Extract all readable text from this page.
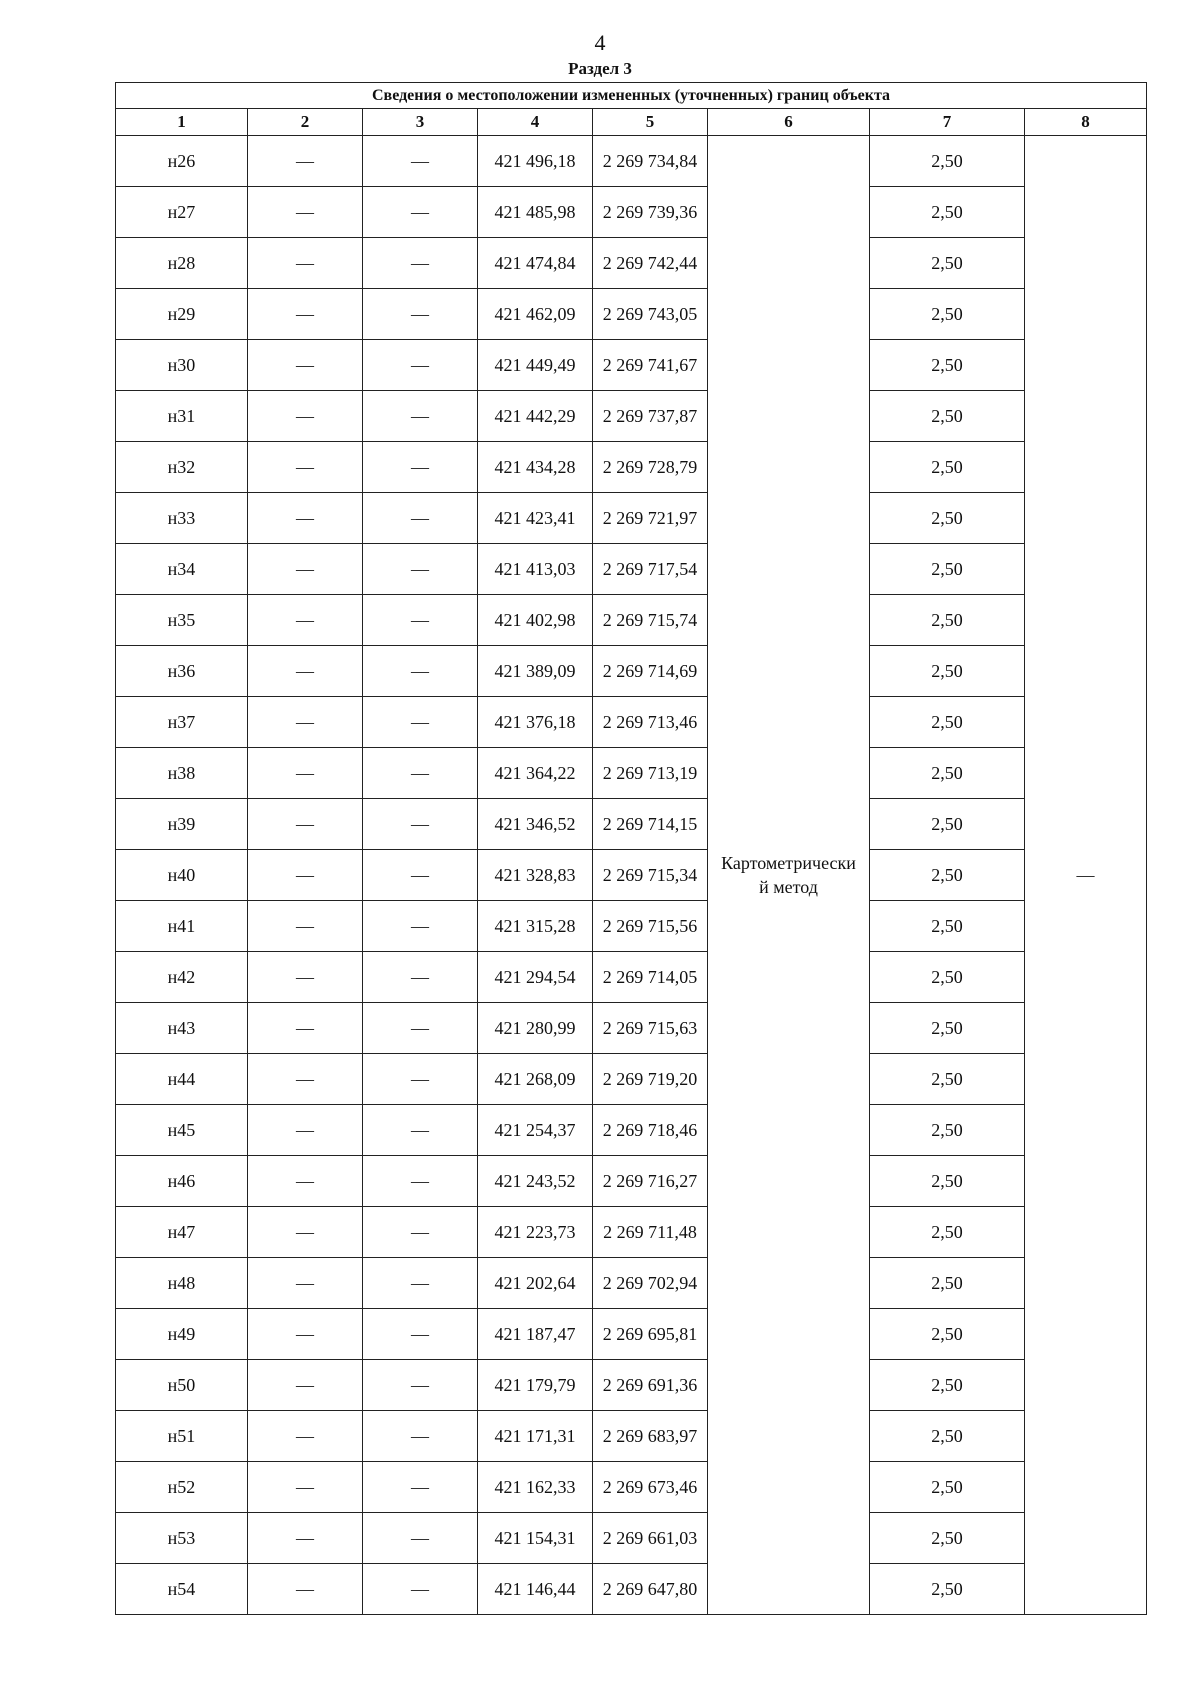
4
Раздел 3
Сведения о местоположении измененных (уточненных) границ объекта							
1	2	3	4	5	6	7	8
н26	—	—	421 496,18	2 269 734,84	Картометрически
й метод	2,50	—
н27	—	—	421 485,98	2 269 739,36		2,50	
н28	—	—	421 474,84	2 269 742,44		2,50	
н29	—	—	421 462,09	2 269 743,05		2,50	
н30	—	—	421 449,49	2 269 741,67		2,50	
н31	—	—	421 442,29	2 269 737,87		2,50	
н32	—	—	421 434,28	2 269 728,79		2,50	
н33	—	—	421 423,41	2 269 721,97		2,50	
н34	—	—	421 413,03	2 269 717,54		2,50	
н35	—	—	421 402,98	2 269 715,74		2,50	
н36	—	—	421 389,09	2 269 714,69		2,50	
н37	—	—	421 376,18	2 269 713,46		2,50	
н38	—	—	421 364,22	2 269 713,19		2,50	
н39	—	—	421 346,52	2 269 714,15		2,50	
н40	—	—	421 328,83	2 269 715,34		2,50	
н41	—	—	421 315,28	2 269 715,56		2,50	
н42	—	—	421 294,54	2 269 714,05		2,50	
н43	—	—	421 280,99	2 269 715,63		2,50	
н44	—	—	421 268,09	2 269 719,20		2,50	
н45	—	—	421 254,37	2 269 718,46		2,50	
н46	—	—	421 243,52	2 269 716,27		2,50	
н47	—	—	421 223,73	2 269 711,48		2,50	
н48	—	—	421 202,64	2 269 702,94		2,50	
н49	—	—	421 187,47	2 269 695,81		2,50	
н50	—	—	421 179,79	2 269 691,36		2,50	
н51	—	—	421 171,31	2 269 683,97		2,50	
н52	—	—	421 162,33	2 269 673,46		2,50	
н53	—	—	421 154,31	2 269 661,03		2,50	
н54	—	—	421 146,44	2 269 647,80		2,50	
